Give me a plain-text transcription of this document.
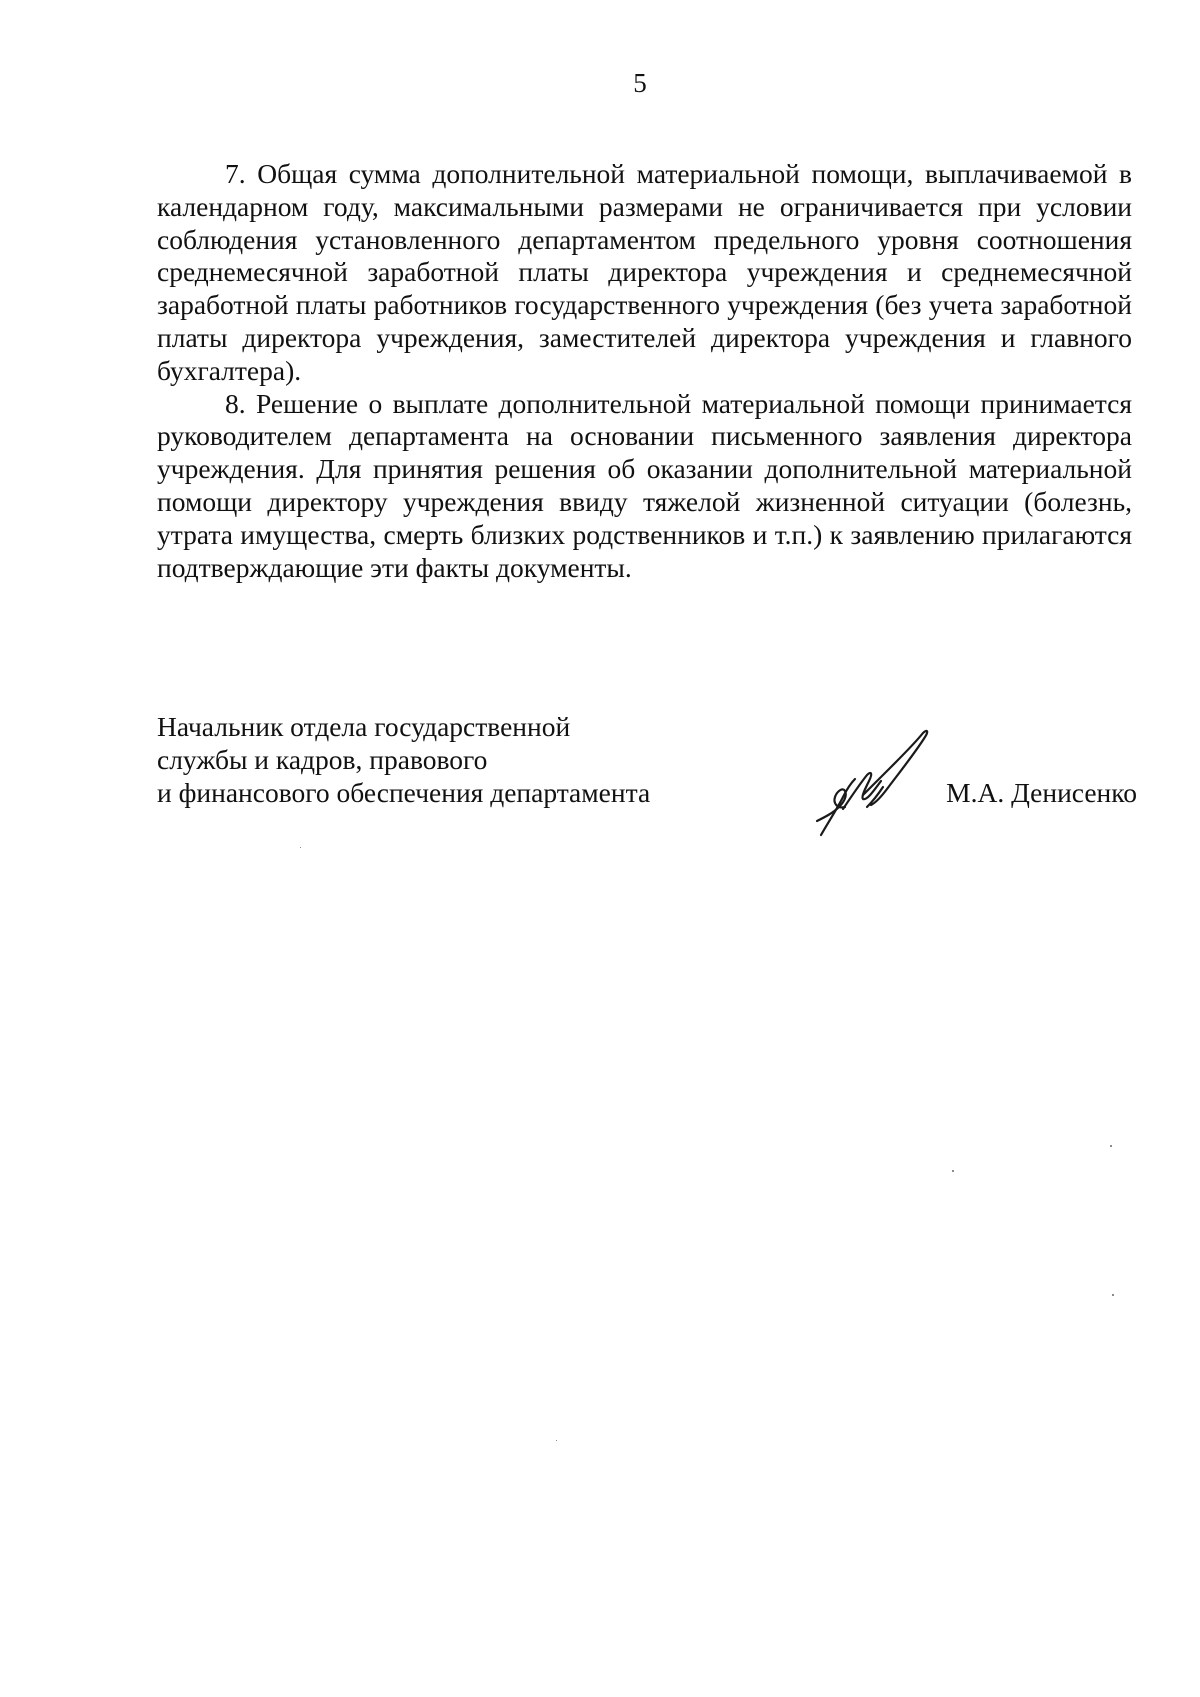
5

7. Общая сумма дополнительной материальной помощи, выплачиваемой в календарном году, максимальными размерами не ограничивается при условии соблюдения установленного департаментом предельного уровня соотношения среднемесячной заработной платы директора учреждения и среднемесячной заработной платы работников государственного учреждения (без учета заработной платы директора учреждения, заместителей директора учреждения и главного бухгалтера).

8. Решение о выплате дополнительной материальной помощи принимается руководителем департамента на основании письменного заявления директора учреждения. Для принятия решения об оказании дополнительной материальной помощи директору учреждения ввиду тяжелой жизненной ситуации (болезнь, утрата имущества, смерть близких родственников и т.п.) к заявлению прилагаются подтверждающие эти факты документы.

Начальник отдела государственной
службы и кадров, правового
и финансового обеспечения департамента	М.А. Денисенко
